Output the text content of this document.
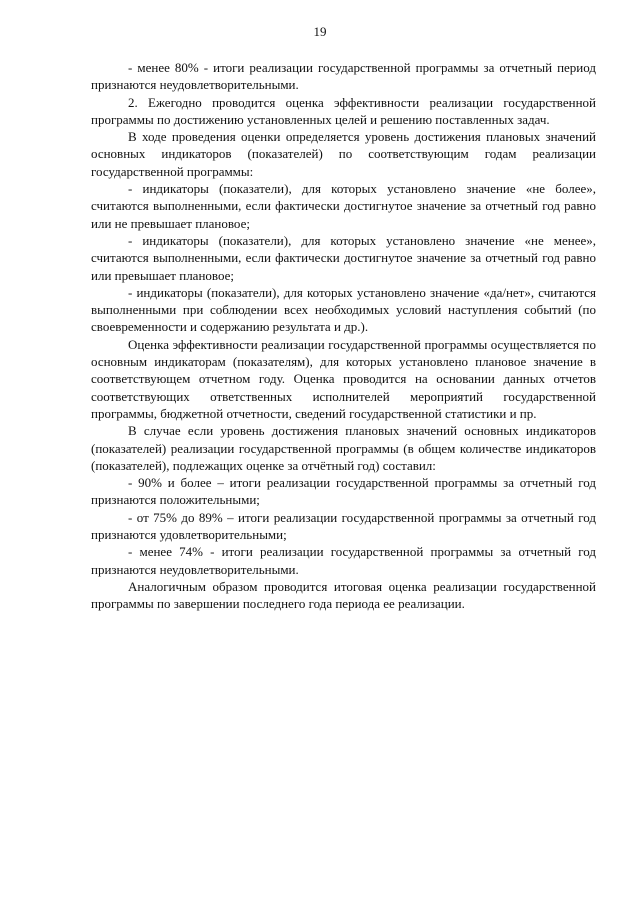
19

- менее 80% - итоги реализации государственной программы за отчетный период признаются неудовлетворительными.

2. Ежегодно проводится оценка эффективности реализации государственной программы по достижению установленных целей и решению поставленных задач.

В ходе проведения оценки определяется уровень достижения плановых значений основных индикаторов (показателей) по соответствующим годам реализации государственной программы:

- индикаторы (показатели), для которых установлено значение «не более», считаются выполненными, если фактически достигнутое значение за отчетный год равно или не превышает плановое;

- индикаторы (показатели), для которых установлено значение «не менее», считаются выполненными, если фактически достигнутое значение за отчетный год равно или превышает плановое;

- индикаторы (показатели), для которых установлено значение «да/нет», считаются выполненными при соблюдении всех необходимых условий наступления событий (по своевременности и содержанию результата и др.).

Оценка эффективности реализации государственной программы осуществляется по основным индикаторам (показателям), для которых установлено плановое значение в соответствующем отчетном году. Оценка проводится на основании данных отчетов соответствующих ответственных исполнителей мероприятий государственной программы, бюджетной отчетности, сведений государственной статистики и пр.

В случае если уровень достижения плановых значений основных индикаторов (показателей) реализации государственной программы (в общем количестве индикаторов (показателей), подлежащих оценке за отчётный год) составил:

- 90% и более – итоги реализации государственной программы за отчетный год признаются положительными;

- от 75% до 89% – итоги реализации государственной программы за отчетный год признаются удовлетворительными;

- менее 74% - итоги реализации государственной программы за отчетный год признаются неудовлетворительными.

Аналогичным образом проводится итоговая оценка реализации государственной программы по завершении последнего года периода ее реализации.
